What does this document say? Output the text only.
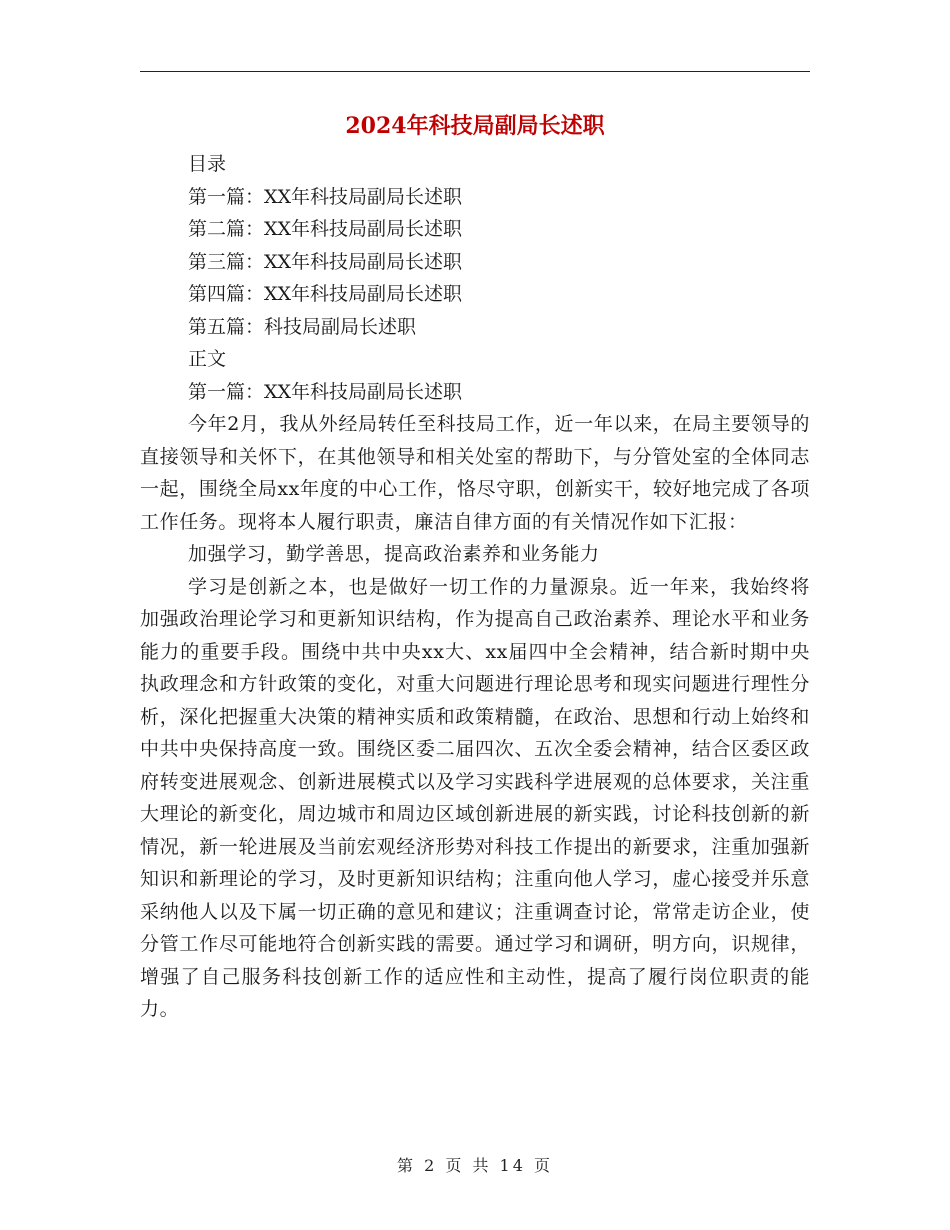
2024年科技局副局长述职
目录
第一篇：XX年科技局副局长述职
第二篇：XX年科技局副局长述职
第三篇：XX年科技局副局长述职
第四篇：XX年科技局副局长述职
第五篇：科技局副局长述职
正文
第一篇：XX年科技局副局长述职

今年2月，我从外经局转任至科技局工作，近一年以来，在局主要领导的直接领导和关怀下，在其他领导和相关处室的帮助下，与分管处室的全体同志一起，围绕全局xx年度的中心工作，恪尽守职，创新实干，较好地完成了各项工作任务。现将本人履行职责，廉洁自律方面的有关情况作如下汇报：

加强学习，勤学善思，提高政治素养和业务能力

学习是创新之本，也是做好一切工作的力量源泉。近一年来，我始终将加强政治理论学习和更新知识结构，作为提高自己政治素养、理论水平和业务能力的重要手段。围绕中共中央xx大、xx届四中全会精神，结合新时期中央执政理念和方针政策的变化，对重大问题进行理论思考和现实问题进行理性分析，深化把握重大决策的精神实质和政策精髓，在政治、思想和行动上始终和中共中央保持高度一致。围绕区委二届四次、五次全委会精神，结合区委区政府转变进展观念、创新进展模式以及学习实践科学进展观的总体要求，关注重大理论的新变化，周边城市和周边区域创新进展的新实践，讨论科技创新的新情况，新一轮进展及当前宏观经济形势对科技工作提出的新要求，注重加强新知识和新理论的学习，及时更新知识结构；注重向他人学习，虚心接受并乐意采纳他人以及下属一切正确的意见和建议；注重调查讨论，常常走访企业，使分管工作尽可能地符合创新实践的需要。通过学习和调研，明方向，识规律，增强了自己服务科技创新工作的适应性和主动性，提高了履行岗位职责的能力。

第 2 页 共 14 页
